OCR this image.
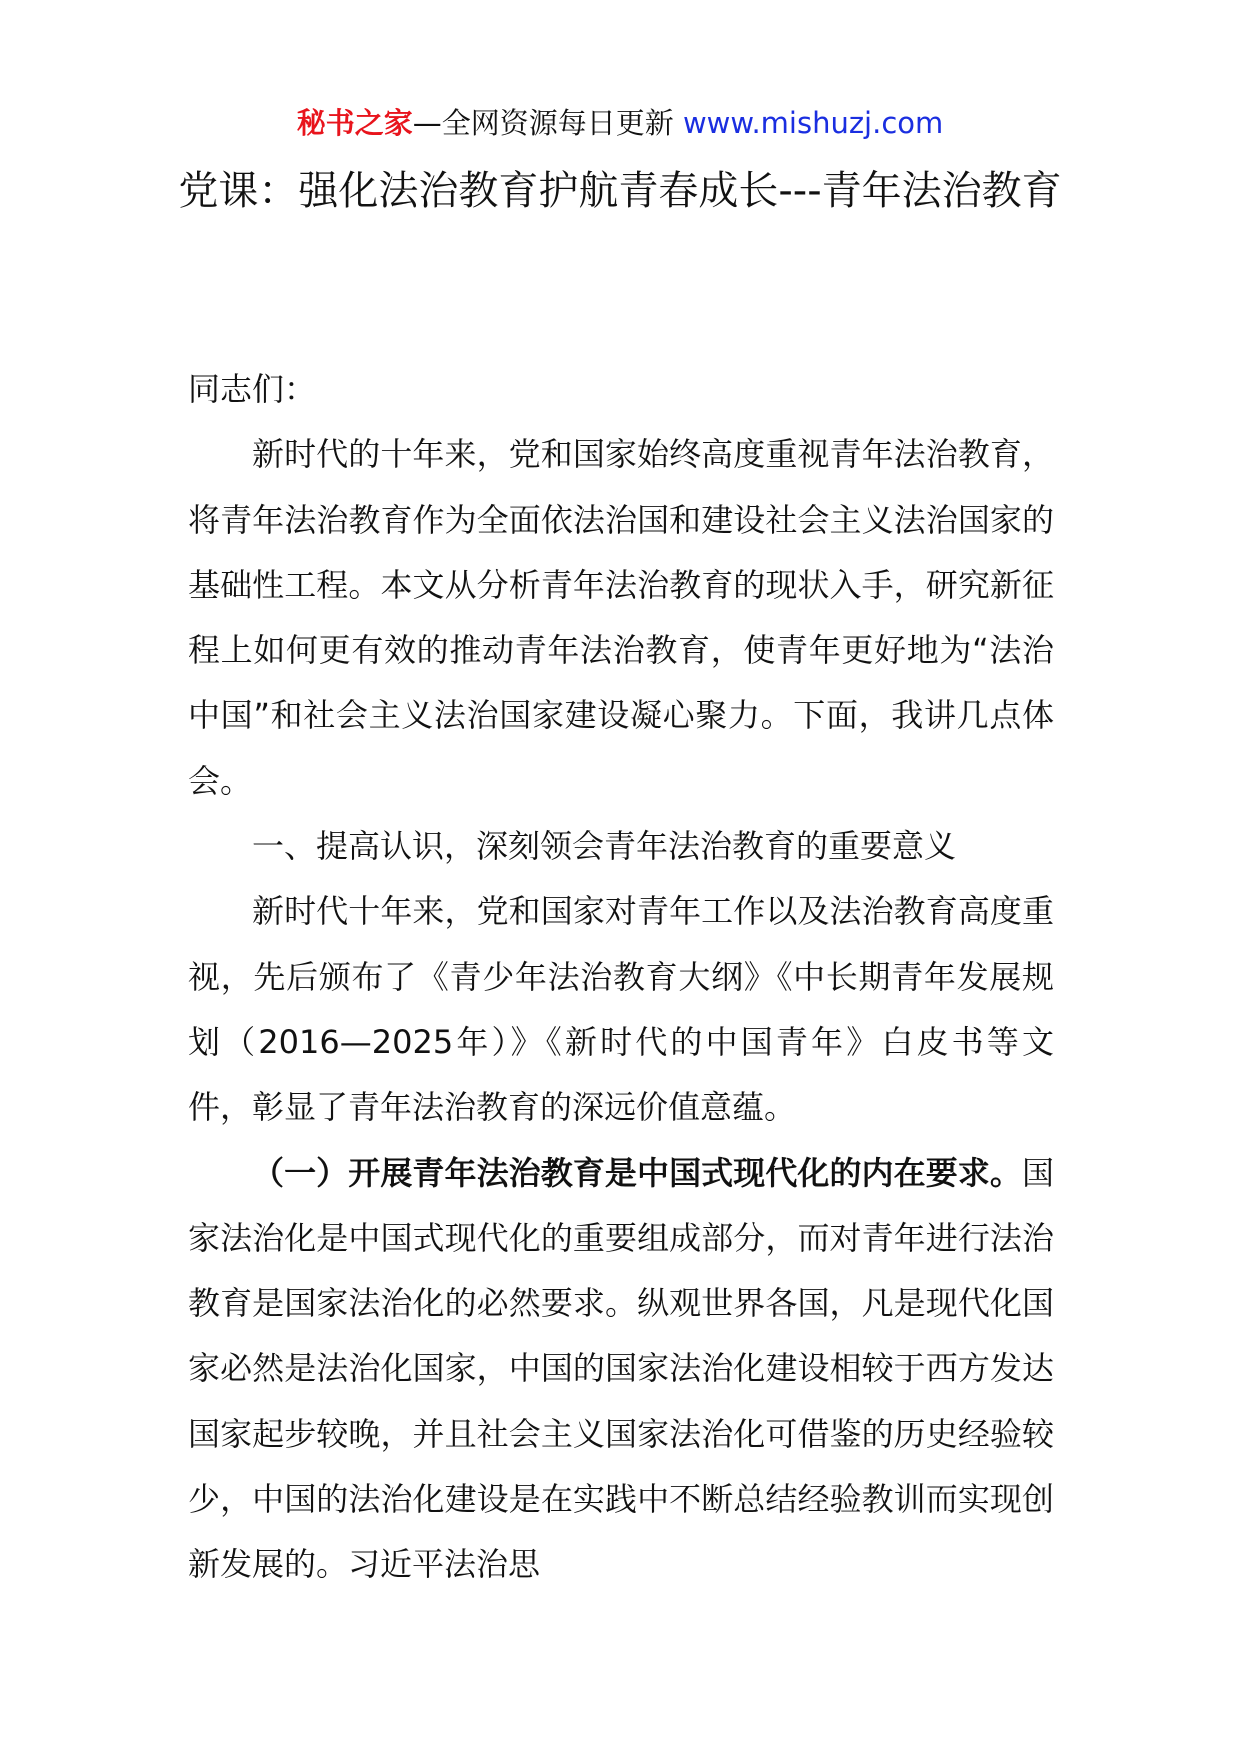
秘书之家—全网资源每日更新 www.mishuzj.com
党课：强化法治教育护航青春成长---青年法治教育

同志们：

新时代的十年来，党和国家始终高度重视青年法治教育，将青年法治教育作为全面依法治国和建设社会主义法治国家的基础性工程。本文从分析青年法治教育的现状入手，研究新征程上如何更有效的推动青年法治教育，使青年更好地为“法治中国”和社会主义法治国家建设凝心聚力。下面，我讲几点体会。

一、提高认识，深刻领会青年法治教育的重要意义

新时代十年来，党和国家对青年工作以及法治教育高度重视，先后颁布了《青少年法治教育大纲》《中长期青年发展规划（2016—2025年）》《新时代的中国青年》白皮书等文件，彰显了青年法治教育的深远价值意蕴。

（一）开展青年法治教育是中国式现代化的内在要求。国家法治化是中国式现代化的重要组成部分，而对青年进行法治教育是国家法治化的必然要求。纵观世界各国，凡是现代化国家必然是法治化国家，中国的国家法治化建设相较于西方发达国家起步较晚，并且社会主义国家法治化可借鉴的历史经验较少，中国的法治化建设是在实践中不断总结经验教训而实现创新发展的。习近平法治思
